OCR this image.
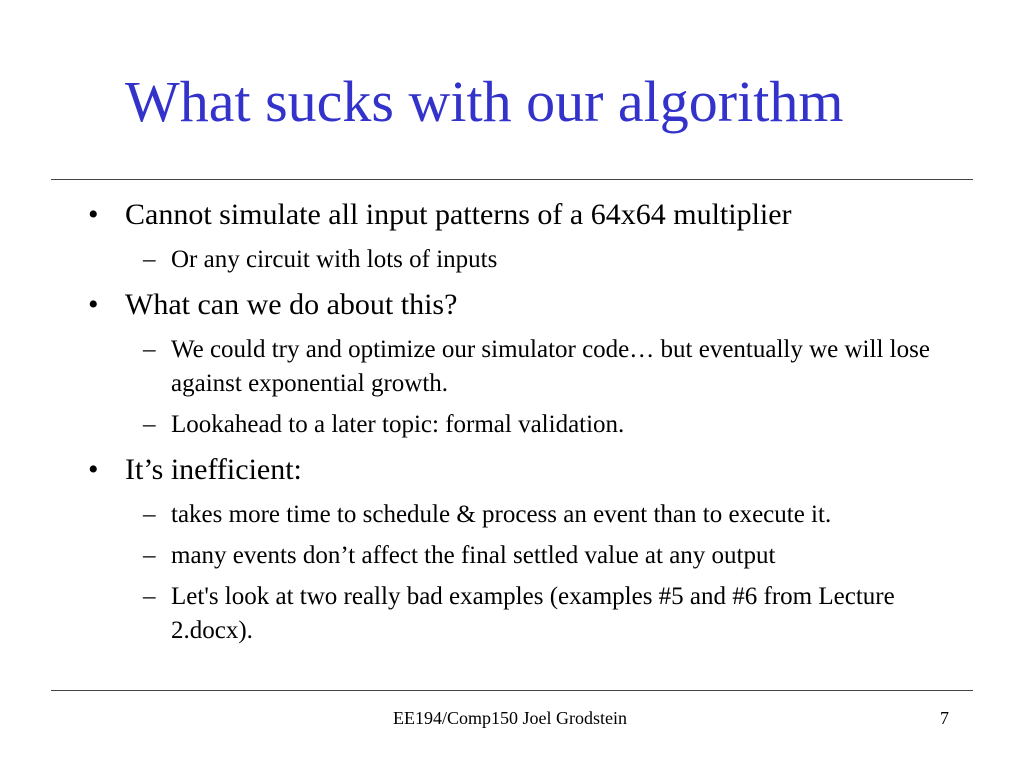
What sucks with our algorithm
• Cannot simulate all input patterns of a 64x64 multiplier
– Or any circuit with lots of inputs
• What can we do about this?
– We could try and optimize our simulator code… but eventually we will lose against exponential growth.
– Lookahead to a later topic: formal validation.
• It’s inefficient:
– takes more time to schedule & process an event than to execute it.
– many events don’t affect the final settled value at any output
– Let's look at two really bad examples (examples #5 and #6 from Lecture 2.docx).
EE194/Comp150 Joel Grodstein	7
